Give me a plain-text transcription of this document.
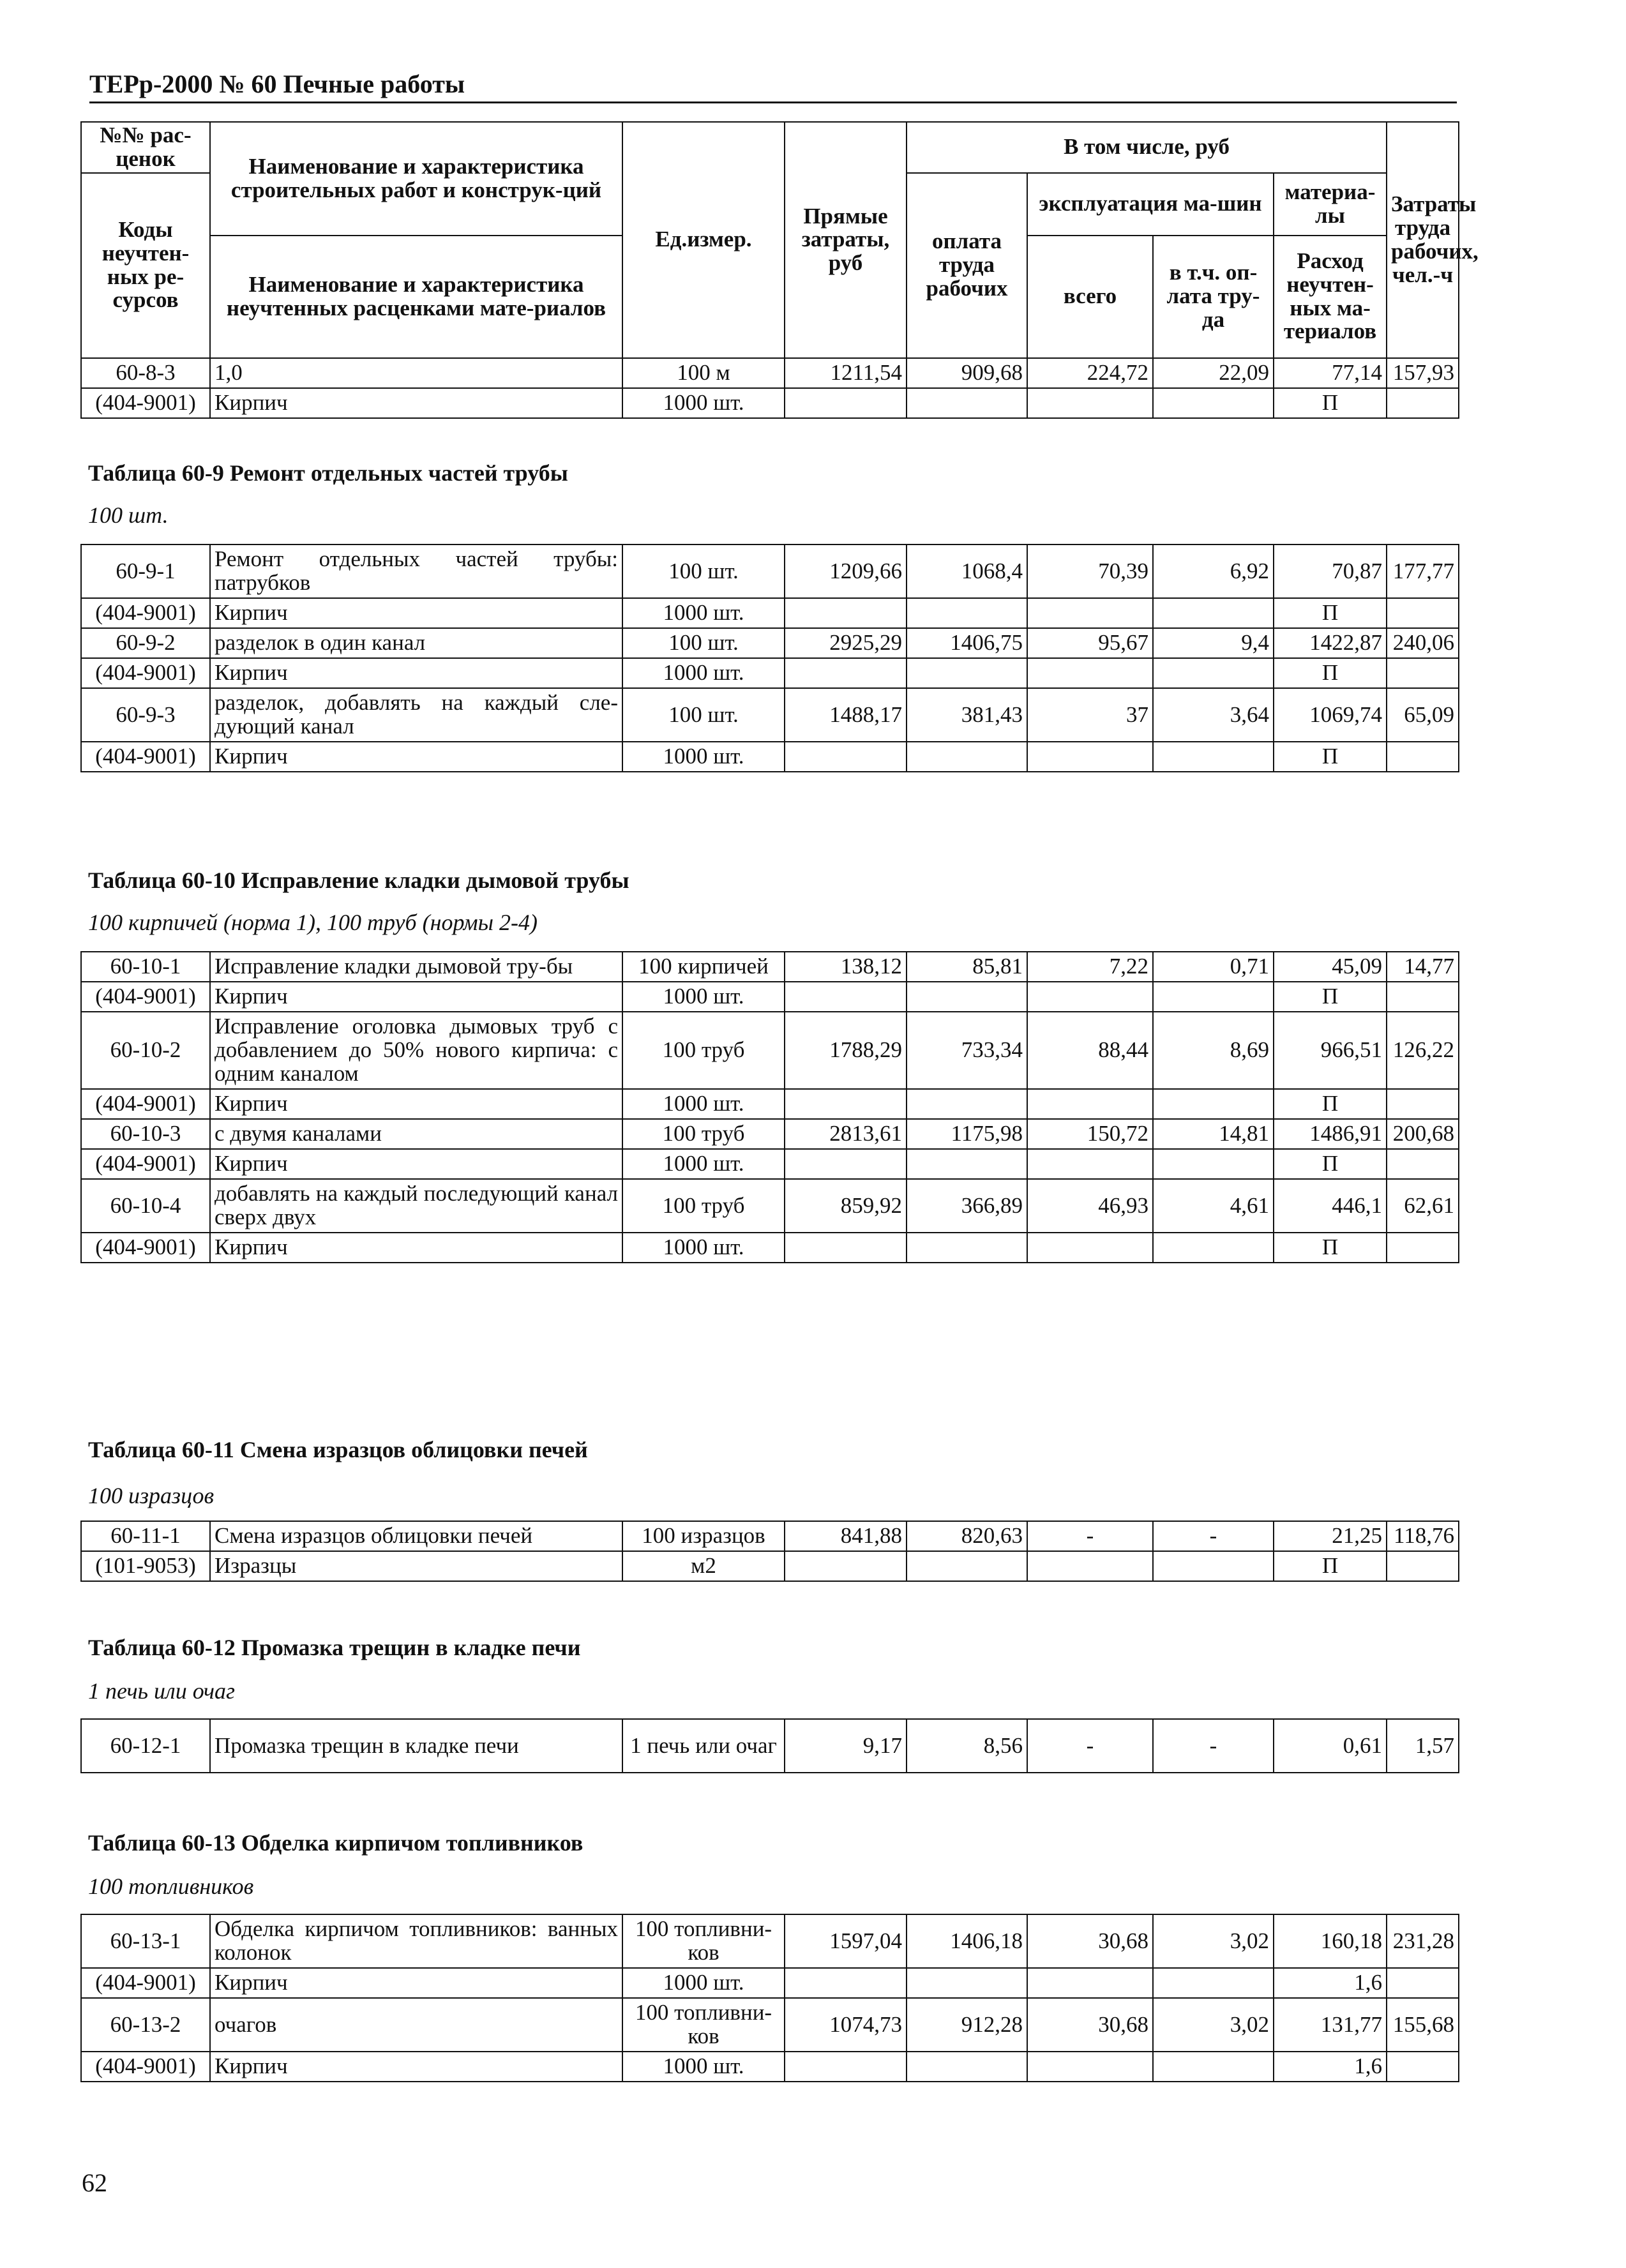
ТЕРр-2000 № 60 Печные работы
№№ рас-ценок	Наименование и характеристика строительных работ и конструк-ций	Ед.измер.	Прямые затраты, руб	В том числе, руб				Затраты труда рабочих, чел.-ч
Коды неучтен-ных ре-сурсов				оплата труда рабочих	эксплуатация ма-шин		материа-лы	
	Наименование и характеристика неучтенных расценками мате-риалов				всего	в т.ч. оп-лата тру-да	Расход неучтен-ных ма-териалов	

60-8-3	1,0	100 м	1211,54	909,68	224,72	22,09	77,14	157,93
(404-9001)	Кирпич	1000 шт.					П	
Таблица 60-9 Ремонт отдельных частей трубы
100 шт.
60-9-1	Ремонт отдельных частей трубы: патрубков	100 шт.	1209,66	1068,4	70,39	6,92	70,87	177,77
(404-9001)	Кирпич	1000 шт.					П	
60-9-2	разделок в один канал	100 шт.	2925,29	1406,75	95,67	9,4	1422,87	240,06
(404-9001)	Кирпич	1000 шт.					П	
60-9-3	разделок, добавлять на каждый сле-дующий канал	100 шт.	1488,17	381,43	37	3,64	1069,74	65,09
(404-9001)	Кирпич	1000 шт.					П	
Таблица 60-10 Исправление кладки дымовой трубы
100 кирпичей (норма 1), 100 труб (нормы 2-4)
60-10-1	Исправление кладки дымовой тру-бы	100 кирпичей	138,12	85,81	7,22	0,71	45,09	14,77
(404-9001)	Кирпич	1000 шт.					П	
60-10-2	Исправление оголовка дымовых труб с добавлением до 50% нового кирпича: с одним каналом	100 труб	1788,29	733,34	88,44	8,69	966,51	126,22
(404-9001)	Кирпич	1000 шт.					П	
60-10-3	с двумя каналами	100 труб	2813,61	1175,98	150,72	14,81	1486,91	200,68
(404-9001)	Кирпич	1000 шт.					П	
60-10-4	добавлять на каждый последующий канал сверх двух	100 труб	859,92	366,89	46,93	4,61	446,1	62,61
(404-9001)	Кирпич	1000 шт.					П	
Таблица 60-11 Смена изразцов облицовки печей
100 изразцов
60-11-1	Смена изразцов облицовки печей	100 изразцов	841,88	820,63	-	-	21,25	118,76
(101-9053)	Изразцы	м2					П	
Таблица 60-12 Промазка трещин в кладке печи
1 печь или очаг
60-12-1	Промазка трещин в кладке печи	1 печь или очаг	9,17	8,56	-	-	0,61	1,57
Таблица 60-13 Обделка кирпичом топливников
100 топливников
60-13-1	Обделка кирпичом топливников: ванных колонок	100 топливни-ков	1597,04	1406,18	30,68	3,02	160,18	231,28
(404-9001)	Кирпич	1000 шт.					1,6	
60-13-2	очагов	100 топливни-ков	1074,73	912,28	30,68	3,02	131,77	155,68
(404-9001)	Кирпич	1000 шт.					1,6	
62
